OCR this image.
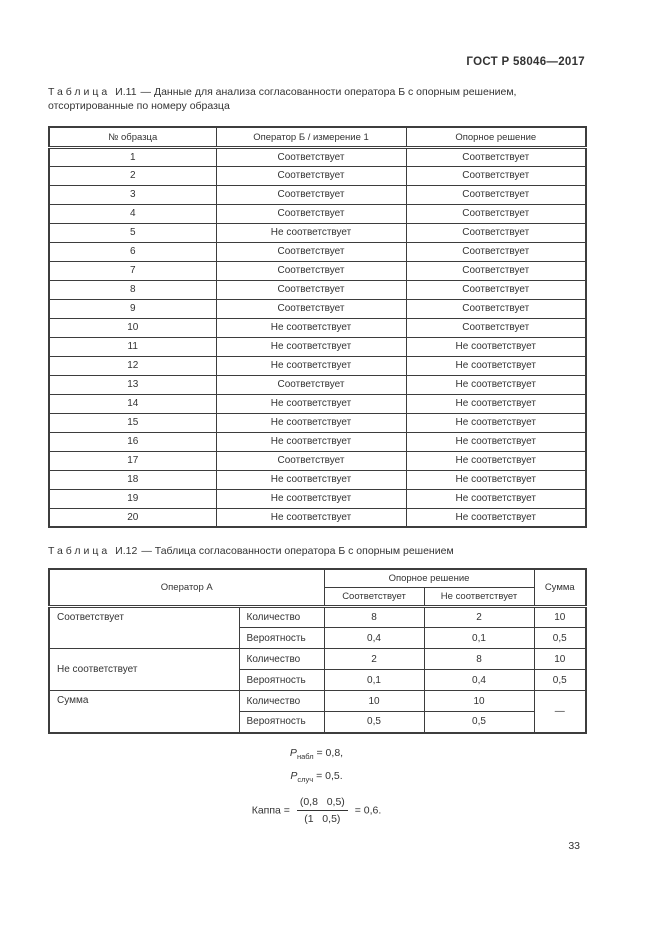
ГОСТ Р 58046—2017

Таблица И.11 — Данные для анализа согласованности оператора Б с опорным решением, отсортированные по номеру образца

№ образца	Оператор Б / измерение 1	Опорное решение
1	Соответствует	Соответствует
2	Соответствует	Соответствует
3	Соответствует	Соответствует
4	Соответствует	Соответствует
5	Не соответствует	Соответствует
6	Соответствует	Соответствует
7	Соответствует	Соответствует
8	Соответствует	Соответствует
9	Соответствует	Соответствует
10	Не соответствует	Соответствует
11	Не соответствует	Не соответствует
12	Не соответствует	Не соответствует
13	Соответствует	Не соответствует
14	Не соответствует	Не соответствует
15	Не соответствует	Не соответствует
16	Не соответствует	Не соответствует
17	Соответствует	Не соответствует
18	Не соответствует	Не соответствует
19	Не соответствует	Не соответствует
20	Не соответствует	Не соответствует

Таблица И.12 — Таблица согласованности оператора Б с опорным решением

Оператор А		Опорное решение		Сумма
		Соответствует	Не соответствует	
Соответствует	Количество	8	2	10
	Вероятность	0,4	0,1	0,5
Не соответствует	Количество	2	8	10
	Вероятность	0,1	0,4	0,5
Сумма	Количество	10	10	—
	Вероятность	0,5	0,5	
$P_{набл} = 0,8$,
$P_{случ} = 0,5$.
Каппа = $\frac{(0,8 0,5)}{(1 0,5)} = 0,6$.
33
